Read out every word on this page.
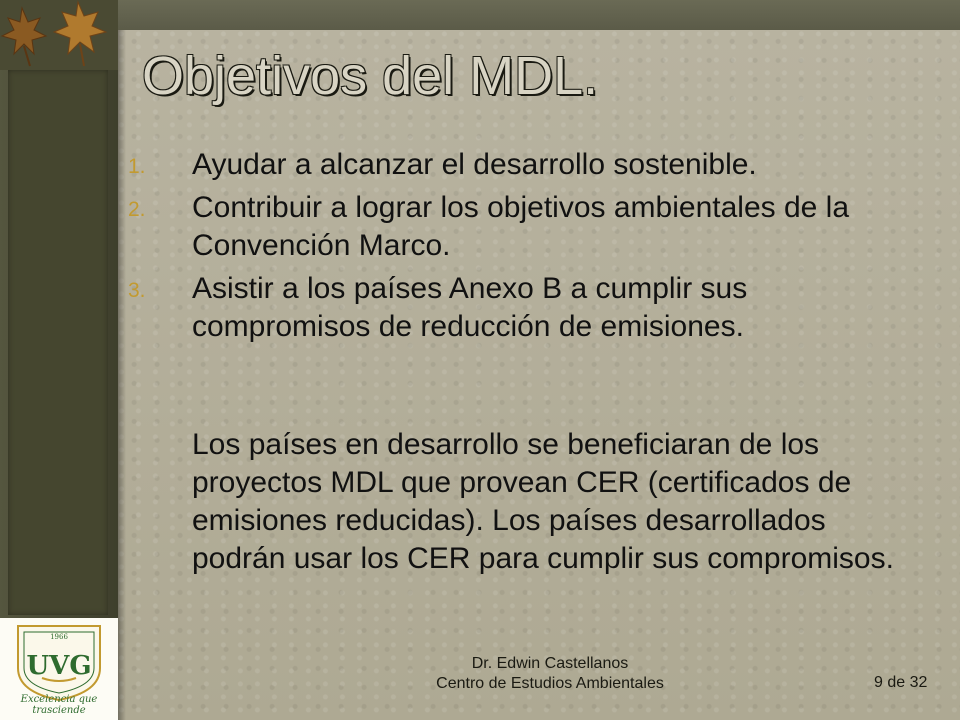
Objetivos del MDL.
1. Ayudar a alcanzar el desarrollo sostenible.
2. Contribuir a lograr los objetivos ambientales de la Convención Marco.
3. Asistir a los países Anexo B a cumplir sus compromisos de reducción de emisiones.

Los países en desarrollo se beneficiaran de los proyectos MDL que provean CER (certificados de emisiones reducidas). Los países desarrollados podrán usar los CER para cumplir sus compromisos.

1966
UVG
Excelencia que trasciende
Dr. Edwin Castellanos
Centro de Estudios Ambientales	9 de 32
